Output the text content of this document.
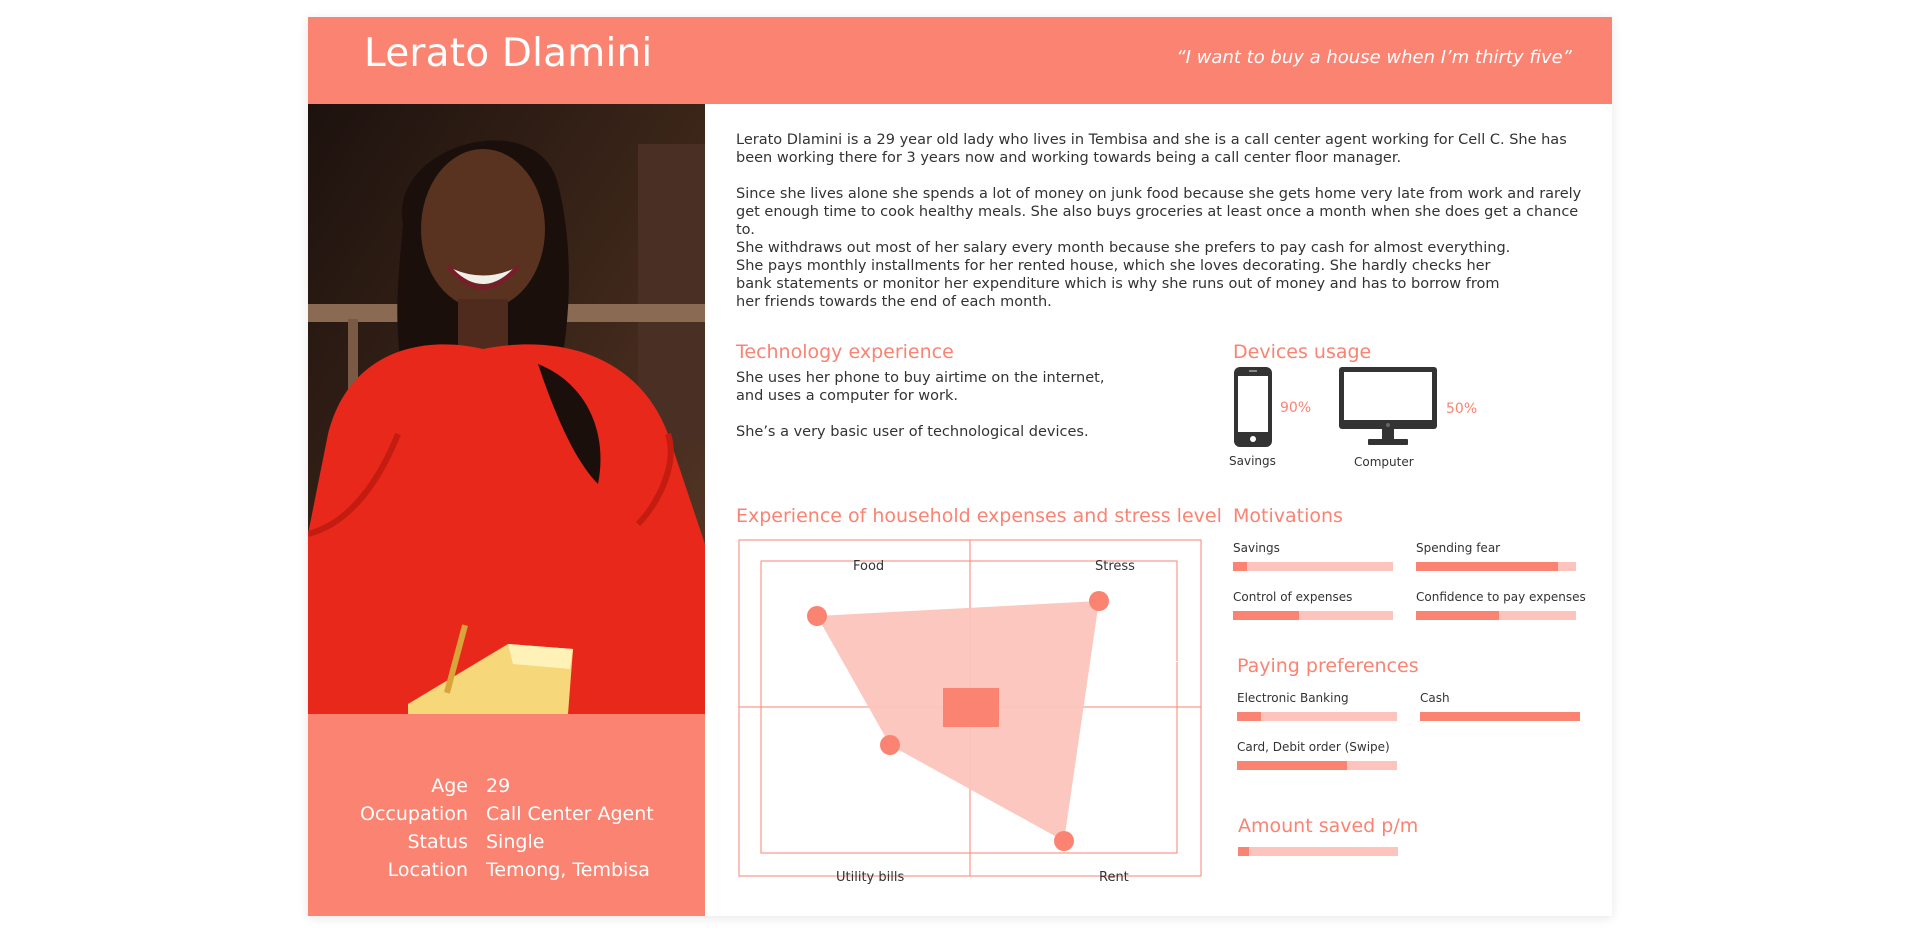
Lerato Dlamini	“I want to buy a house when I’m thirty five”
Age	29
Occupation	Call Center Agent
Status	Single
Location	Temong, Tembisa
Lerato Dlamini is a 29 year old lady who lives in Tembisa and she is a call center agent working for Cell C. She has been working there for 3 years now and working towards being a call center floor manager.
Since she lives alone she spends a lot of money on junk food because she gets home very late from work and rarely get enough time to cook healthy meals. She also buys groceries at least once a month when she does get a chance to.
She withdraws out most of her salary every month because she prefers to pay cash for almost everything. She pays monthly installments for her rented house, which she loves decorating. She hardly checks her bank statements or monitor her expenditure which is why she runs out of money and has to borrow from her friends towards the end of each month.
Technology experience
She uses her phone to buy airtime on the internet, and uses a computer for work.
She’s a very basic user of technological devices.
Devices usage
90%
Savings
50%
Computer
Experience of household expenses and stress level
Low
Food	Stress
Utility bills	Rent
Motivations
Savings	Spending fear
Control of expenses	Confidence to pay expenses
Paying preferences
Electronic Banking	Cash
Card, Debit order (Swipe)
Amount saved p/m
